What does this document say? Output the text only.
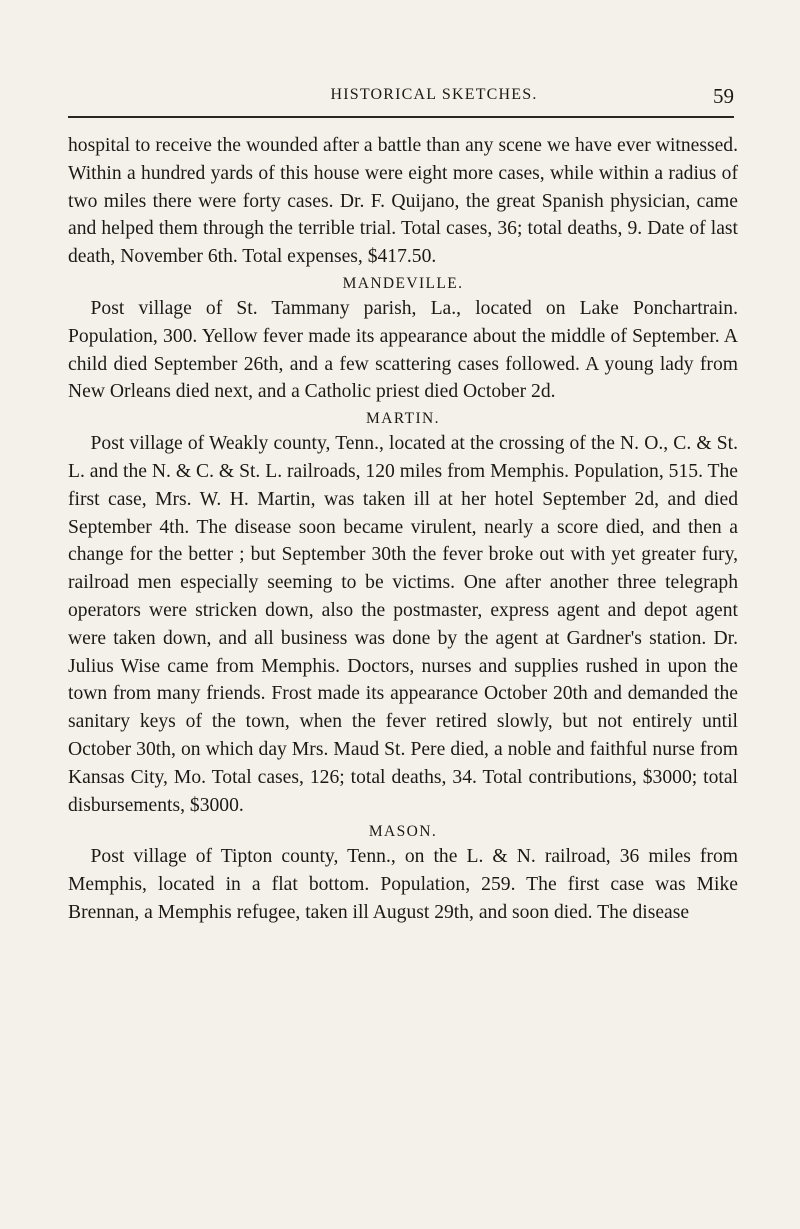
HISTORICAL SKETCHES.	59

hospital to receive the wounded after a battle than any scene we have ever witnessed. Within a hundred yards of this house were eight more cases, while within a radius of two miles there were forty cases. Dr. F. Quijano, the great Spanish physician, came and helped them through the terrible trial. Total cases, 36; total deaths, 9. Date of last death, November 6th. Total expenses, $417.50.

MANDEVILLE.

Post village of St. Tammany parish, La., located on Lake Ponchartrain. Population, 300. Yellow fever made its appearance about the middle of September. A child died September 26th, and a few scattering cases followed. A young lady from New Orleans died next, and a Catholic priest died October 2d.

MARTIN.

Post village of Weakly county, Tenn., located at the crossing of the N. O., C. & St. L. and the N. & C. & St. L. railroads, 120 miles from Memphis. Population, 515. The first case, Mrs. W. H. Martin, was taken ill at her hotel September 2d, and died September 4th. The disease soon became virulent, nearly a score died, and then a change for the better ; but September 30th the fever broke out with yet greater fury, railroad men especially seeming to be victims. One after another three telegraph operators were stricken down, also the postmaster, express agent and depot agent were taken down, and all business was done by the agent at Gardner's station. Dr. Julius Wise came from Memphis. Doctors, nurses and supplies rushed in upon the town from many friends. Frost made its appearance October 20th and demanded the sanitary keys of the town, when the fever retired slowly, but not entirely until October 30th, on which day Mrs. Maud St. Pere died, a noble and faithful nurse from Kansas City, Mo. Total cases, 126; total deaths, 34. Total contributions, $3000; total disbursements, $3000.

MASON.

Post village of Tipton county, Tenn., on the L. & N. railroad, 36 miles from Memphis, located in a flat bottom. Population, 259. The first case was Mike Brennan, a Memphis refugee, taken ill August 29th, and soon died. The disease
